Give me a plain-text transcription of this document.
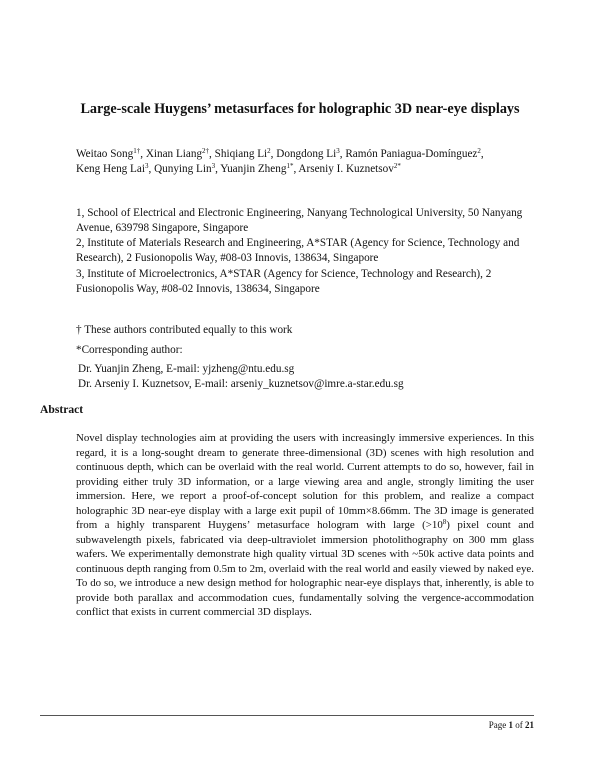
Large-scale Huygens’ metasurfaces for holographic 3D near-eye displays
Weitao Song$^{1\dagger}$, Xinan Liang$^{2\dagger}$, Shiqiang Li$^2$, Dongdong Li$^3$, Ramón Paniagua-Domínguez$^2$,
Keng Heng Lai$^3$, Qunying Lin$^3$, Yuanjin Zheng$^{1*}$, Arseniy I. Kuznetsov$^{2*}$
1, School of Electrical and Electronic Engineering, Nanyang Technological University, 50 Nanyang Avenue, 639798 Singapore, Singapore
2, Institute of Materials Research and Engineering, A*STAR (Agency for Science, Technology and Research), 2 Fusionopolis Way, #08-03 Innovis, 138634, Singapore
3, Institute of Microelectronics, A*STAR (Agency for Science, Technology and Research), 2 Fusionopolis Way, #08-02 Innovis, 138634, Singapore
† These authors contributed equally to this work
*Corresponding author:
Dr. Yuanjin Zheng, E-mail: yjzheng@ntu.edu.sg
Dr. Arseniy I. Kuznetsov, E-mail: arseniy_kuznetsov@imre.a-star.edu.sg
Abstract
Novel display technologies aim at providing the users with increasingly immersive experiences. In this regard, it is a long-sought dream to generate three-dimensional (3D) scenes with high resolution and continuous depth, which can be overlaid with the real world. Current attempts to do so, however, fail in providing either truly 3D information, or a large viewing area and angle, strongly limiting the user immersion. Here, we report a proof-of-concept solution for this problem, and realize a compact holographic 3D near-eye display with a large exit pupil of 10mm×8.66mm. The 3D image is generated from a highly transparent Huygens’ metasurface hologram with large $(>10^8)$ pixel count and subwavelength pixels, fabricated via deep-ultraviolet immersion photolithography on 300 mm glass wafers. We experimentally demonstrate high quality virtual 3D scenes with ~50k active data points and continuous depth ranging from 0.5m to 2m, overlaid with the real world and easily viewed by naked eye. To do so, we introduce a new design method for holographic near-eye displays that, inherently, is able to provide both parallax and accommodation cues, fundamentally solving the vergence-accommodation conflict that exists in current commercial 3D displays.
Page 1 of 21
